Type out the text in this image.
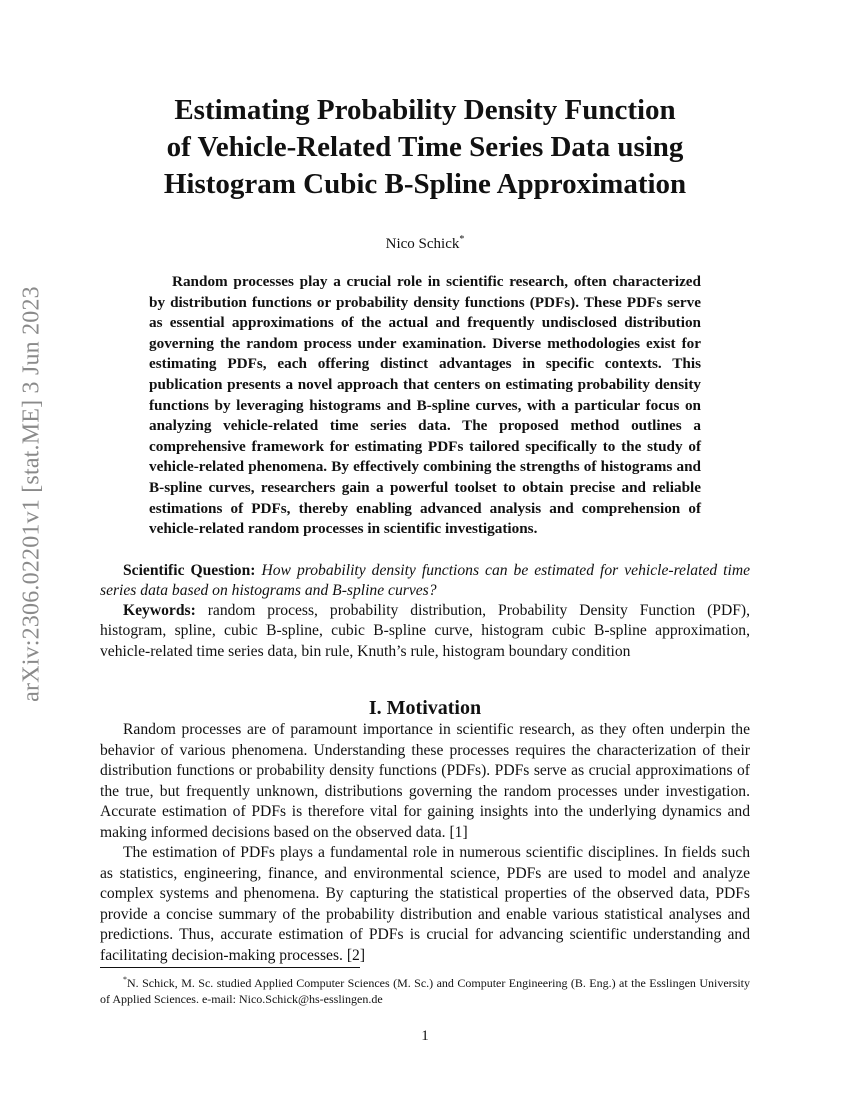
arXiv:2306.02201v1 [stat.ME] 3 Jun 2023
Estimating Probability Density Function
of Vehicle-Related Time Series Data using
Histogram Cubic B-Spline Approximation
Nico Schick*

Random processes play a crucial role in scientific research, often characterized by distribution functions or probability density functions (PDFs). These PDFs serve as essential approximations of the actual and frequently undisclosed distribution governing the random process under examination. Diverse methodologies exist for estimating PDFs, each offering distinct advantages in specific contexts. This publication presents a novel approach that centers on estimating probability density functions by leveraging histograms and B-spline curves, with a particular focus on analyzing vehicle-related time series data. The proposed method outlines a comprehensive framework for estimating PDFs tailored specifically to the study of vehicle-related phenomena. By effectively combining the strengths of histograms and B-spline curves, researchers gain a powerful toolset to obtain precise and reliable estimations of PDFs, thereby enabling advanced analysis and comprehension of vehicle-related random processes in scientific investigations.

Scientific Question: How probability density functions can be estimated for vehicle-related time series data based on histograms and B-spline curves?

Keywords: random process, probability distribution, Probability Density Function (PDF), histogram, spline, cubic B-spline, cubic B-spline curve, histogram cubic B-spline approximation, vehicle-related time series data, bin rule, Knuth’s rule, histogram boundary condition

I. Motivation

Random processes are of paramount importance in scientific research, as they often underpin the behavior of various phenomena. Understanding these processes requires the characterization of their distribution functions or probability density functions (PDFs). PDFs serve as crucial approximations of the true, but frequently unknown, distributions governing the random processes under investigation. Accurate estimation of PDFs is therefore vital for gaining insights into the underlying dynamics and making informed decisions based on the observed data. [1]

The estimation of PDFs plays a fundamental role in numerous scientific disciplines. In fields such as statistics, engineering, finance, and environmental science, PDFs are used to model and analyze complex systems and phenomena. By capturing the statistical properties of the observed data, PDFs provide a concise summary of the probability distribution and enable various statistical analyses and predictions. Thus, accurate estimation of PDFs is crucial for advancing scientific understanding and facilitating decision-making processes. [2]

*N. Schick, M. Sc. studied Applied Computer Sciences (M. Sc.) and Computer Engineering (B. Eng.) at the Esslingen University of Applied Sciences. e-mail: Nico.Schick@hs-esslingen.de

1
